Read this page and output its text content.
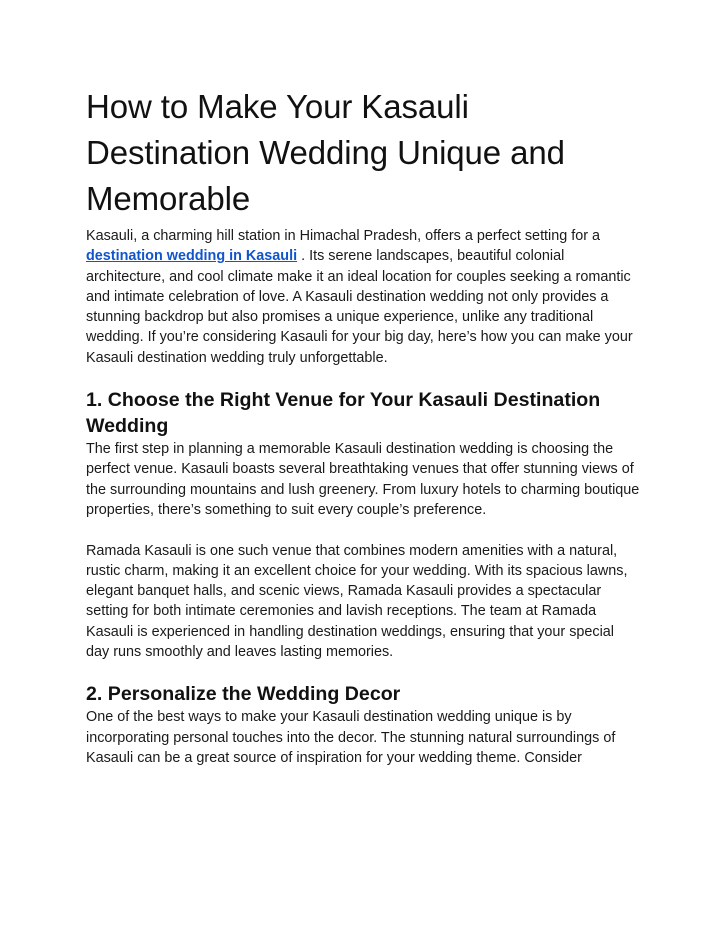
How to Make Your Kasauli Destination Wedding Unique and Memorable

Kasauli, a charming hill station in Himachal Pradesh, offers a perfect setting for a destination wedding in Kasauli . Its serene landscapes, beautiful colonial architecture, and cool climate make it an ideal location for couples seeking a romantic and intimate celebration of love. A Kasauli destination wedding not only provides a stunning backdrop but also promises a unique experience, unlike any traditional wedding. If you’re considering Kasauli for your big day, here’s how you can make your Kasauli destination wedding truly unforgettable.

1. Choose the Right Venue for Your Kasauli Destination Wedding

The first step in planning a memorable Kasauli destination wedding is choosing the perfect venue. Kasauli boasts several breathtaking venues that offer stunning views of the surrounding mountains and lush greenery. From luxury hotels to charming boutique properties, there’s something to suit every couple’s preference.

Ramada Kasauli is one such venue that combines modern amenities with a natural, rustic charm, making it an excellent choice for your wedding. With its spacious lawns, elegant banquet halls, and scenic views, Ramada Kasauli provides a spectacular setting for both intimate ceremonies and lavish receptions. The team at Ramada Kasauli is experienced in handling destination weddings, ensuring that your special day runs smoothly and leaves lasting memories.

2. Personalize the Wedding Decor

One of the best ways to make your Kasauli destination wedding unique is by incorporating personal touches into the decor. The stunning natural surroundings of Kasauli can be a great source of inspiration for your wedding theme. Consider
